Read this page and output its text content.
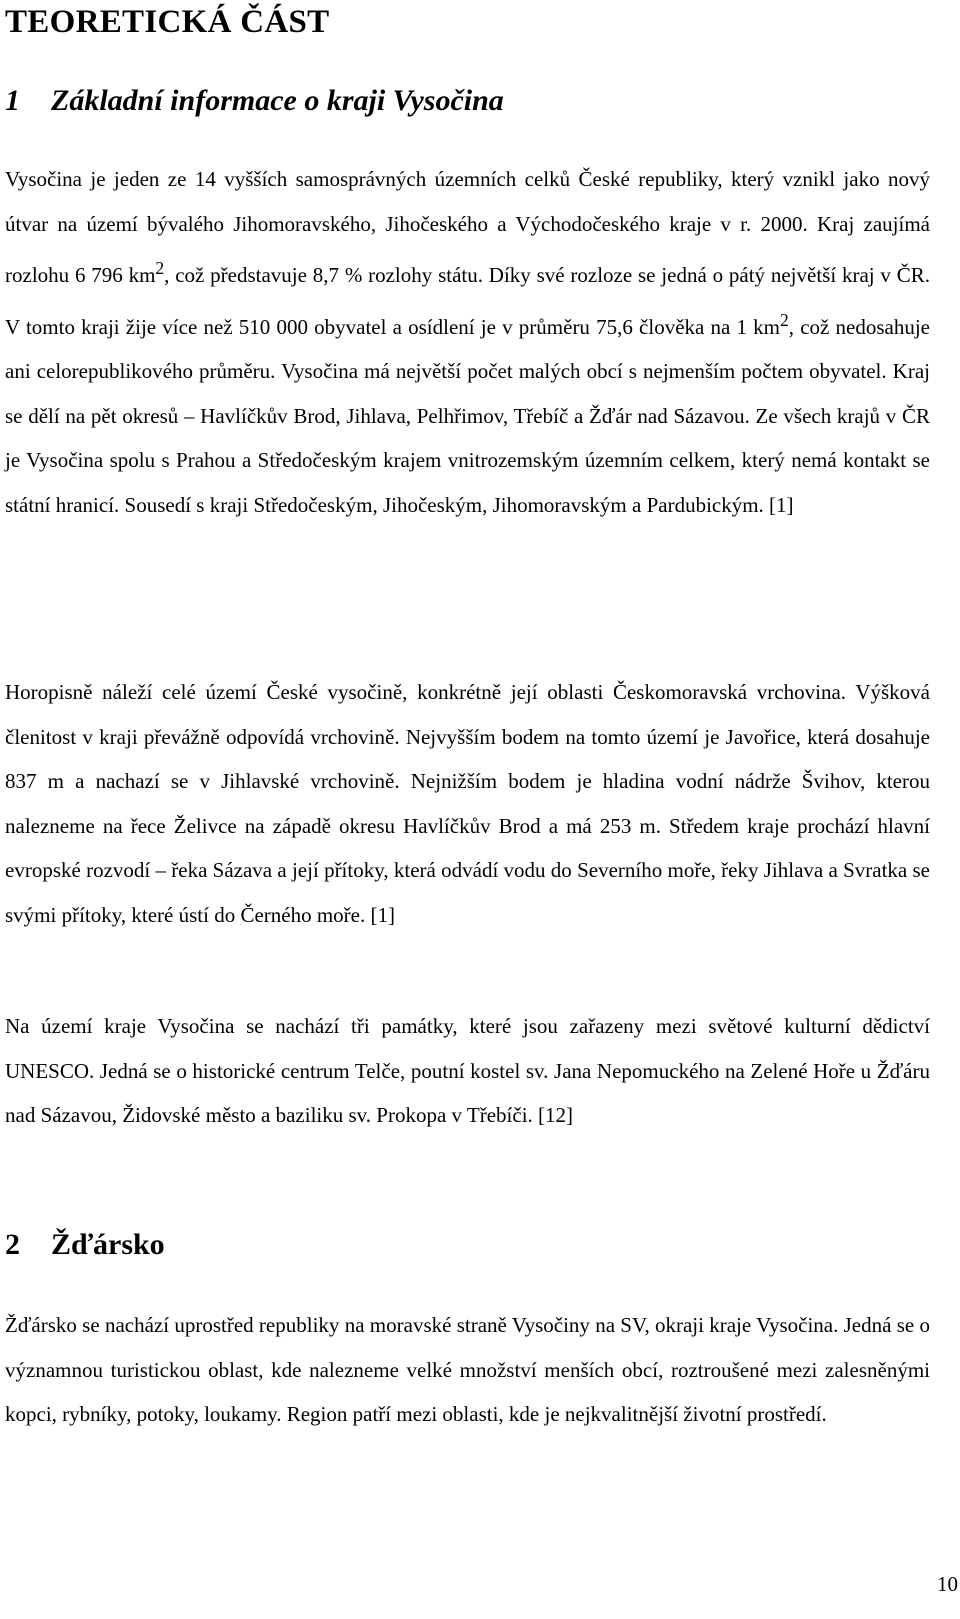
TEORETICKÁ ČÁST
1 Základní informace o kraji Vysočina

Vysočina je jeden ze 14 vyšších samosprávných územních celků České republiky, který vznikl jako nový útvar na území bývalého Jihomoravského, Jihočeského a Východočeského kraje v r. 2000. Kraj zaujímá rozlohu 6 796 $km^2$, což představuje 8,7 % rozlohy státu. Díky své rozloze se jedná o pátý největší kraj v ČR. V tomto kraji žije více než 510 000 obyvatel a osídlení je v průměru 75,6 člověka na 1 $km^2$, což nedosahuje ani celorepublikového průměru. Vysočina má největší počet malých obcí s nejmenším počtem obyvatel. Kraj se dělí na pět okresů – Havlíčkův Brod, Jihlava, Pelhřimov, Třebíč a Žďár nad Sázavou. Ze všech krajů v ČR je Vysočina spolu s Prahou a Středočeským krajem vnitrozemským územním celkem, který nemá kontakt se státní hranicí. Sousedí s kraji Středočeským, Jihočeským, Jihomoravským a Pardubickým. [1]

Horopisně náleží celé území České vysočině, konkrétně její oblasti Českomoravská vrchovina. Výšková členitost v kraji převážně odpovídá vrchovině. Nejvyšším bodem na tomto území je Javořice, která dosahuje 837 m a nachazí se v Jihlavské vrchovině. Nejnižším bodem je hladina vodní nádrže Švihov, kterou nalezneme na řece Želivce na západě okresu Havlíčkův Brod a má 253 m. Středem kraje prochází hlavní evropské rozvodí – řeka Sázava a její přítoky, která odvádí vodu do Severního moře, řeky Jihlava a Svratka se svými přítoky, které ústí do Černého moře. [1]

Na území kraje Vysočina se nachází tři památky, které jsou zařazeny mezi světové kulturní dědictví UNESCO. Jedná se o historické centrum Telče, poutní kostel sv. Jana Nepomuckého na Zelené Hoře u Žďáru nad Sázavou, Židovské město a baziliku sv. Prokopa v Třebíči. [12]

2 Žďársko

Žďársko se nachází uprostřed republiky na moravské straně Vysočiny na SV, okraji kraje Vysočina. Jedná se o významnou turistickou oblast, kde nalezneme velké množství menších obcí, roztroušené mezi zalesněnými kopci, rybníky, potoky, loukamy. Region patří mezi oblasti, kde je nejkvalitnější životní prostředí.

10
